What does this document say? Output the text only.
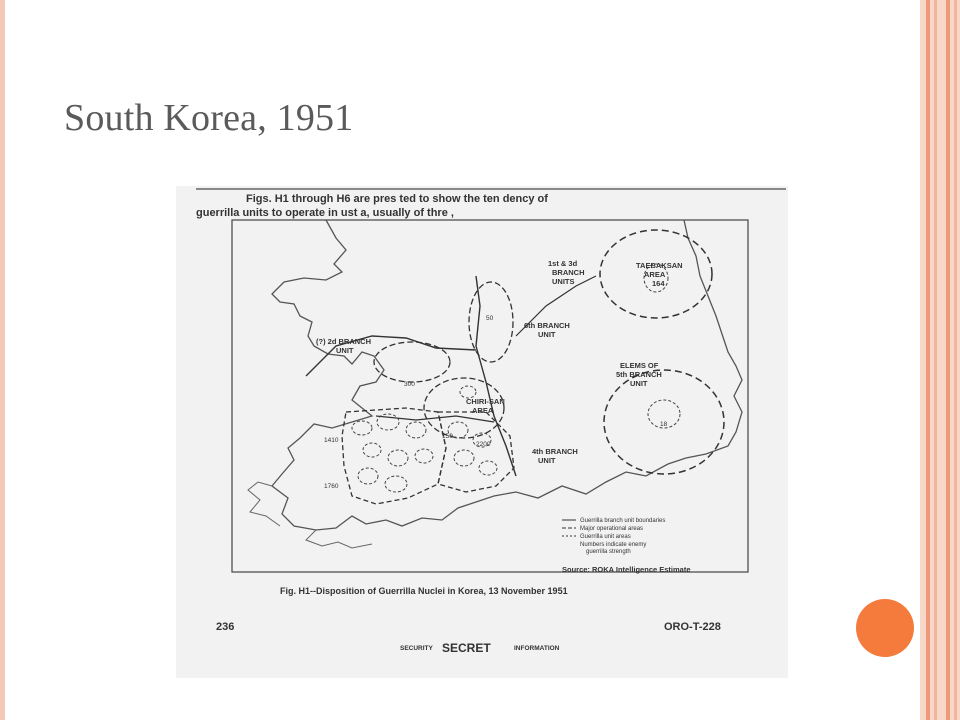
South Korea, 1951
Figs. H1 through H6 are pres ted to show the ten dency of
guerrilla units to operate in ust a, usually of thre ,
1st & 3d
BRANCH
UNITS
TAEBAKSAN
AREA
164
6th BRANCH
UNIT
(?) 2d BRANCH
UNIT
ELEMS OF
5th BRANCH
UNIT
CHIRI-SAN
AREA
4th BRANCH
UNIT
300
1410
1760
2200
18
50
150
Guerrilla branch unit boundaries
Major operational areas
Guerrilla unit areas
Numbers indicate enemy
guerrilla strength
Source: ROKA Intelligence Estimate
Fig. H1--Disposition of Guerrilla Nuclei in Korea, 13 November 1951
236	ORO-T-228
SECURITY SECRET	INFORMATION
